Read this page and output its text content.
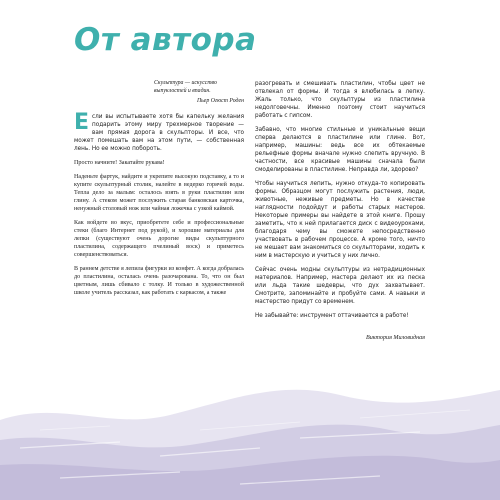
От автора
Скульптура — искусство выпуклостей и впадин.
Пьер Огюст Роден

Если вы испытываете хотя бы капельку желания подарить этому миру трехмерное творение — вам прямая дорога в скульпторы. И все, что может помешать вам на этом пути, — собственная лень. Но ее можно побороть.

Просто начните! Закатайте рукава!

Наденьте фартук, найдите и укрепите высокую подставку, а то и купите скульптурный столик, налейте в ведерко горячей воды. Тепла дело за малым: осталось взять в руки пластилин или глину. А стеком может послужить старая банковская карточка, ненужный столовый нож или чайная ложечка с узкой каймой.

Как войдете во вкус, приобретете себе и профессиональные стеки (благо Интернет под рукой), и хорошие материалы для лепки (существуют очень дорогие виды скульптурного пластилина, содержащего пчелиный воск) и приметесь совершенствоваться.

В раннем детстве я лепила фигурки из конфет. А когда добралась до пластилина, осталась очень разочарована. То, что он был цветным, лишь сбивало с толку. И только в художественной школе учитель рассказал, как работать с каркасом, а также

разогревать и смешивать пластилин, чтобы цвет не отвлекал от формы. И тогда я влюбилась в лепку. Жаль только, что скульптуры из пластилина недолговечны. Именно поэтому стоит научиться работать с гипсом.

Забавно, что многие стильные и уникальные вещи сперва делаются в пластилине или глине. Вот, например, машины: ведь все их обтекаемые рельефные формы вначале нужно слепить вручную. В частности, все красивые машины сначала были смоделированы в пластилине. Неправда ли, здорово?

Чтобы научиться лепить, нужно откуда-то копировать формы. Образцом могут послужить растения, люди, животные, неживые предметы. Но в качестве наглядности подойдут и работы старых мастеров. Некоторые примеры вы найдете в этой книге. Прошу заметить, что к ней прилагается диск с видеоуроками, благодаря чему вы сможете непосредственно участвовать в рабочем процессе. А кроме того, ничто не мешает вам знакомиться со скульпторами, ходить к ним в мастерскую и учиться у них лично.

Сейчас очень модны скульптуры из нетрадиционных материалов. Например, мастера делают их из песка или льда такие шедевры, что дух захватывает. Смотрите, запоминайте и пробуйте сами. А навыки и мастерство придут со временем.

Не забывайте: инструмент оттачивается в работе!

Виктория Миловидная
